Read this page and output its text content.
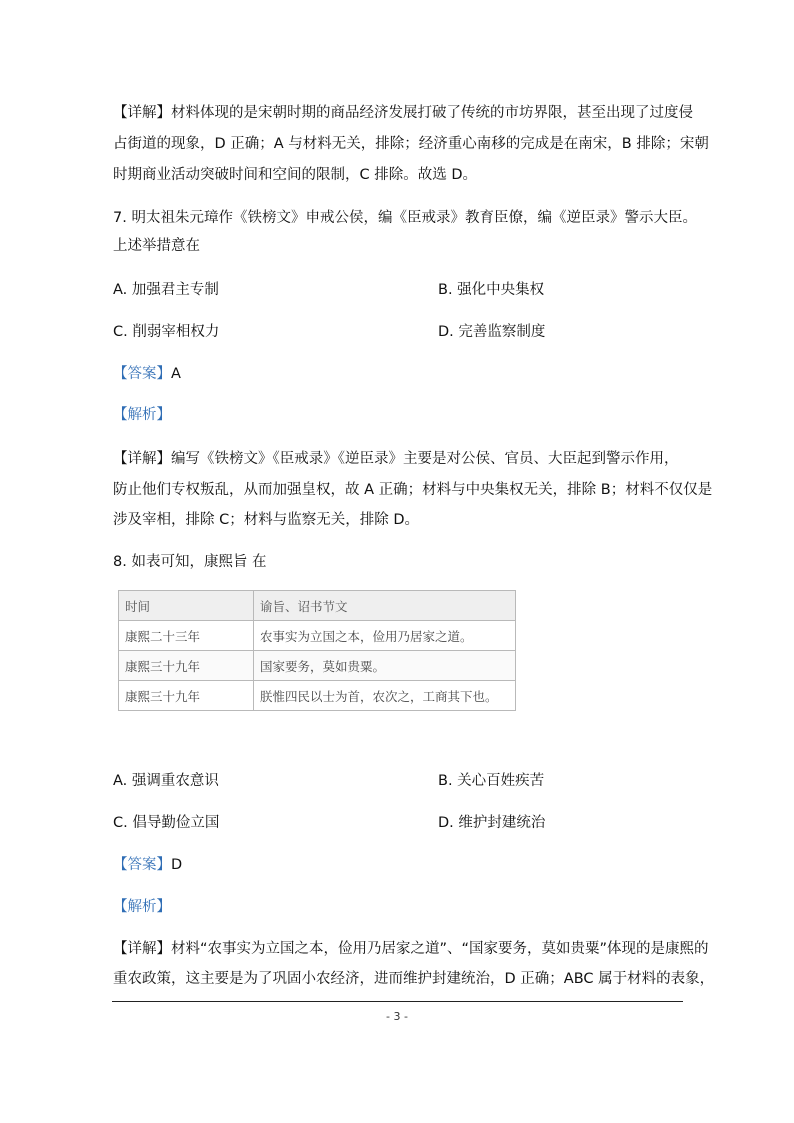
【详解】材料体现的是宋朝时期的商品经济发展打破了传统的市坊界限，甚至出现了过度侵
占街道的现象，D 正确；A 与材料无关，排除；经济重心南移的完成是在南宋，B 排除；宋朝
时期商业活动突破时间和空间的限制，C 排除。故选 D。
7. 明太祖朱元璋作《铁榜文》申戒公侯，编《臣戒录》教育臣僚，编《逆臣录》警示大臣。
上述举措意在
A. 加强君主专制	B. 强化中央集权
C. 削弱宰相权力	D. 完善监察制度
【答案】A
【解析】
【详解】编写《铁榜文》《臣戒录》《逆臣录》主要是对公侯、官员、大臣起到警示作用，
防止他们专权叛乱，从而加强皇权，故 A 正确；材料与中央集权无关，排除 B；材料不仅仅是
涉及宰相，排除 C；材料与监察无关，排除 D。
8. 如表可知，康熙旨 在
时间	谕旨、诏书节文
康熙二十三年	农事实为立国之本，俭用乃居家之道。
康熙三十九年	国家要务，莫如贵粟。
康熙三十九年	朕惟四民以士为首，农次之，工商其下也。
A. 强调重农意识	B. 关心百姓疾苦
C. 倡导勤俭立国	D. 维护封建统治
【答案】D
【解析】
【详解】材料“农事实为立国之本，俭用乃居家之道”、“国家要务，莫如贵粟”体现的是康熙的
重农政策，这主要是为了巩固小农经济，进而维护封建统治，D 正确；ABC 属于材料的表象，
- 3 -
